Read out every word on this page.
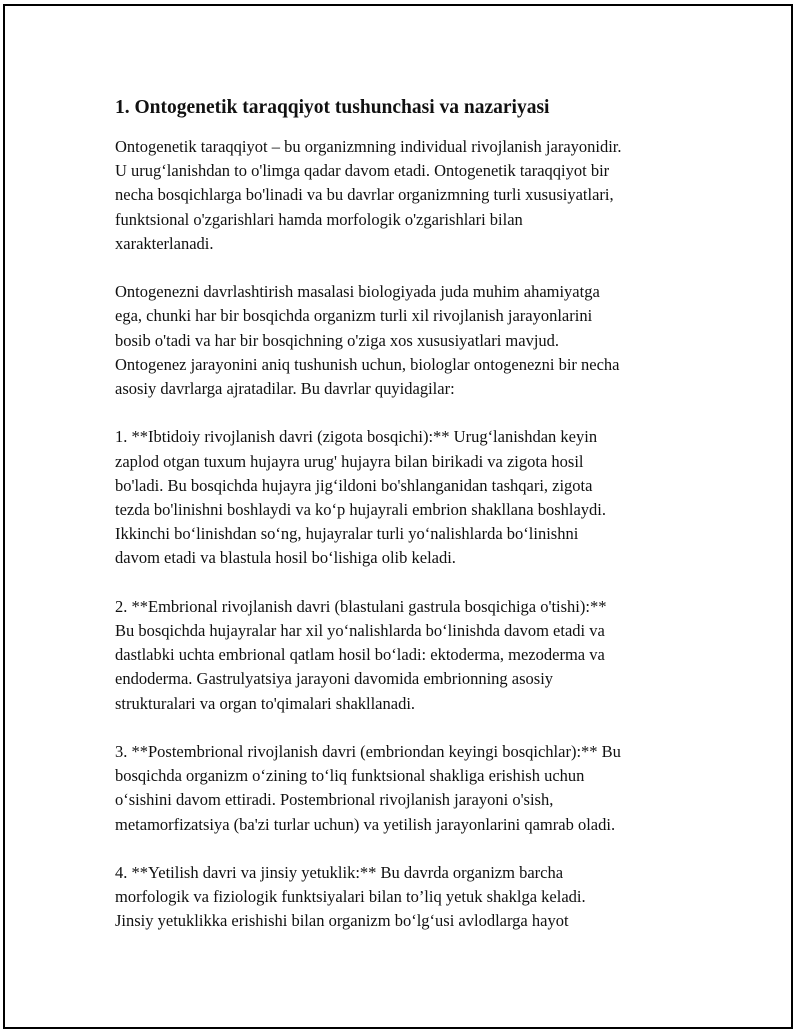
1. Ontogenetik taraqqiyot tushunchasi va nazariyasi
Ontogenetik taraqqiyot – bu organizmning individual rivojlanish jarayonidir.
U urug‘lanishdan to o'limga qadar davom etadi. Ontogenetik taraqqiyot bir
necha bosqichlarga bo'linadi va bu davrlar organizmning turli xususiyatlari,
funktsional o'zgarishlari hamda morfologik o'zgarishlari bilan
xarakterlanadi.
Ontogenezni davrlashtirish masalasi biologiyada juda muhim ahamiyatga
ega, chunki har bir bosqichda organizm turli xil rivojlanish jarayonlarini
bosib o'tadi va har bir bosqichning o'ziga xos xususiyatlari mavjud.
Ontogenez jarayonini aniq tushunish uchun, biologlar ontogenezni bir necha
asosiy davrlarga ajratadilar. Bu davrlar quyidagilar:
1. **Ibtidoiy rivojlanish davri (zigota bosqichi):** Urug‘lanishdan keyin
zaplod otgan tuxum hujayra urug' hujayra bilan birikadi va zigota hosil
bo'ladi. Bu bosqichda hujayra jig‘ildoni bo'shlanganidan tashqari, zigota
tezda bo'linishni boshlaydi va ko‘p hujayrali embrion shakllana boshlaydi.
Ikkinchi bo‘linishdan so‘ng, hujayralar turli yo‘nalishlarda bo‘linishni
davom etadi va blastula hosil bo‘lishiga olib keladi.
2. **Embrional rivojlanish davri (blastulani gastrula bosqichiga o'tishi):**
Bu bosqichda hujayralar har xil yo‘nalishlarda bo‘linishda davom etadi va
dastlabki uchta embrional qatlam hosil bo‘ladi: ektoderma, mezoderma va
endoderma. Gastrulyatsiya jarayoni davomida embrionning asosiy
strukturalari va organ to'qimalari shakllanadi.
3. **Postembrional rivojlanish davri (embriondan keyingi bosqichlar):** Bu
bosqichda organizm o‘zining to‘liq funktsional shakliga erishish uchun
o‘sishini davom ettiradi. Postembrional rivojlanish jarayoni o'sish,
metamorfizatsiya (ba'zi turlar uchun) va yetilish jarayonlarini qamrab oladi.
4. **Yetilish davri va jinsiy yetuklik:** Bu davrda organizm barcha
morfologik va fiziologik funktsiyalari bilan to’liq yetuk shaklga keladi.
Jinsiy yetuklikka erishishi bilan organizm bo‘lg‘usi avlodlarga hayot
